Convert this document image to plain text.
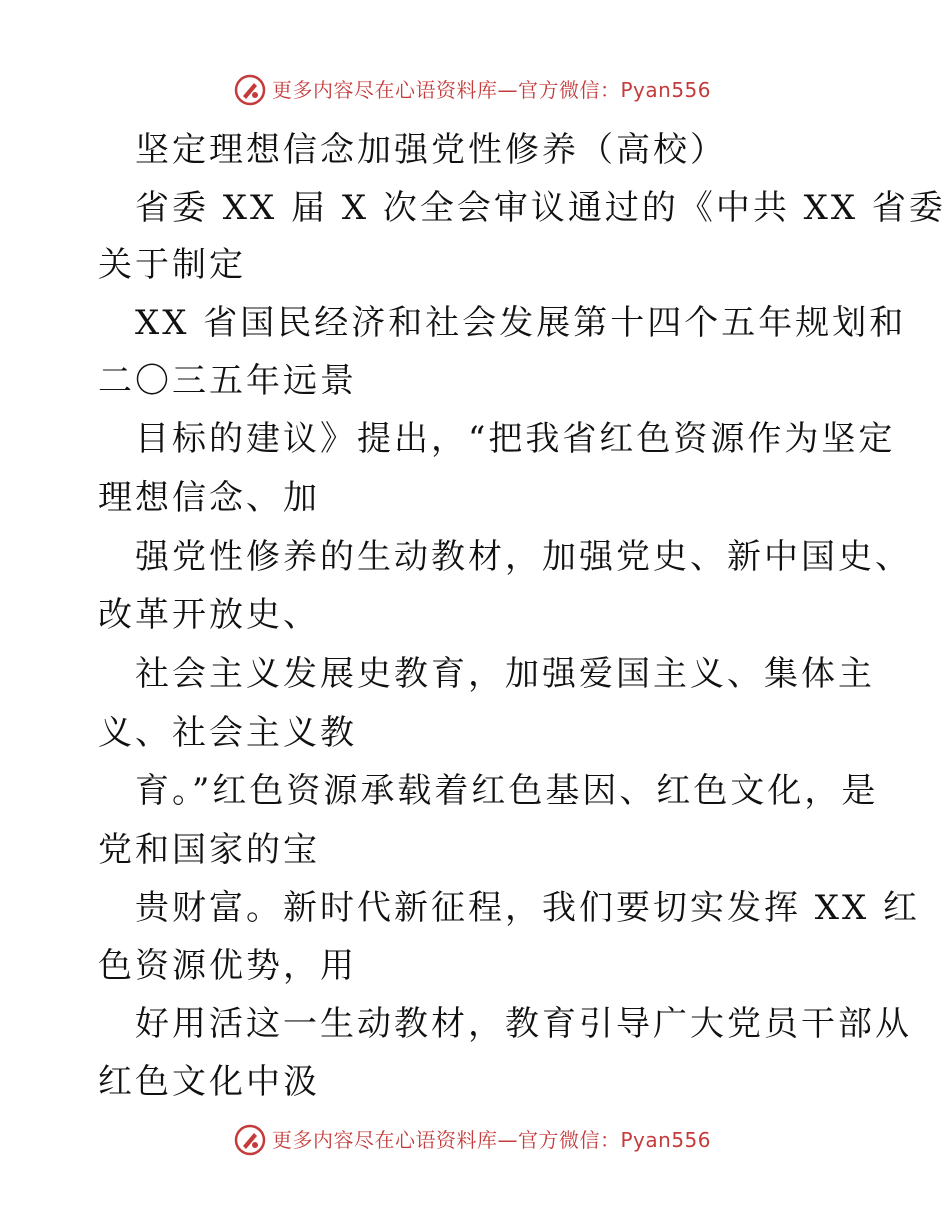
更多内容尽在心语资料库—官方微信：Pyan556
坚定理想信念加强党性修养（高校）
省委 XX 届 X 次全会审议通过的《中共 XX 省委
关于制定
XX 省国民经济和社会发展第十四个五年规划和
二〇三五年远景
目标的建议》提出，“把我省红色资源作为坚定
理想信念、加
强党性修养的生动教材，加强党史、新中国史、
改革开放史、
社会主义发展史教育，加强爱国主义、集体主
义、社会主义教
育。”红色资源承载着红色基因、红色文化，是
党和国家的宝
贵财富。新时代新征程，我们要切实发挥 XX 红
色资源优势，用
好用活这一生动教材，教育引导广大党员干部从
红色文化中汲
更多内容尽在心语资料库—官方微信：Pyan556
